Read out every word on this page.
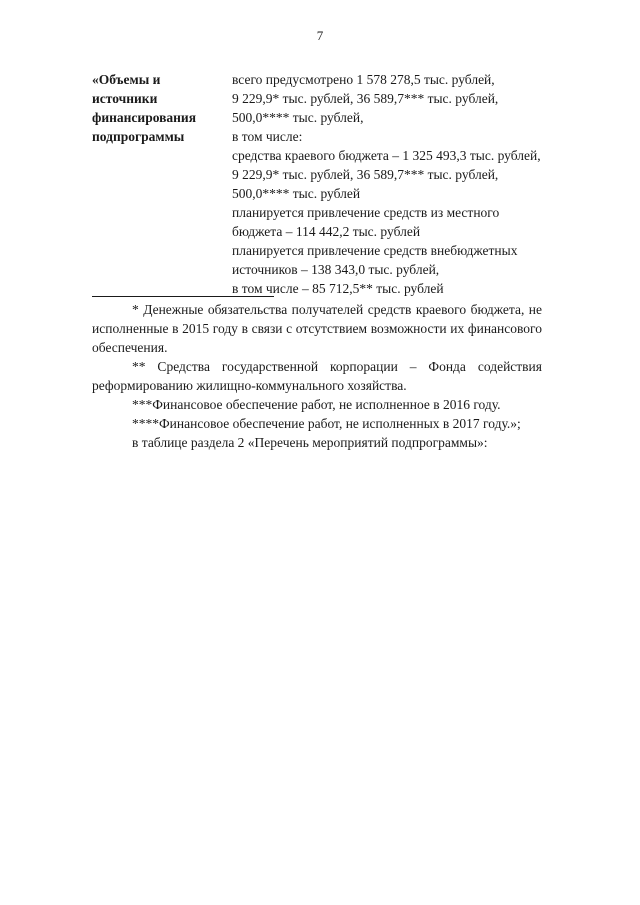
7
«Объемы и
источники
финансирования
подпрограммы
всего предусмотрено 1 578 278,5 тыс. рублей,
9 229,9* тыс. рублей, 36 589,7*** тыс. рублей,
500,0**** тыс. рублей,
в том числе:
средства краевого бюджета – 1 325 493,3 тыс. рублей,
9 229,9* тыс. рублей, 36 589,7*** тыс. рублей,
500,0**** тыс. рублей
планируется привлечение средств из местного
бюджета – 114 442,2 тыс. рублей
планируется привлечение средств внебюджетных
источников – 138 343,0 тыс. рублей,
в том числе – 85 712,5** тыс. рублей
* Денежные обязательства получателей средств краевого бюджета, не
исполненные в 2015 году в связи с отсутствием возможности их финансового
обеспечения.
** Средства государственной корпорации – Фонда содействия
реформированию жилищно-коммунального хозяйства.
***Финансовое обеспечение работ, не исполненное в 2016 году.
****Финансовое обеспечение работ, не исполненных в 2017 году.»;
в таблице раздела 2 «Перечень мероприятий подпрограммы»:
